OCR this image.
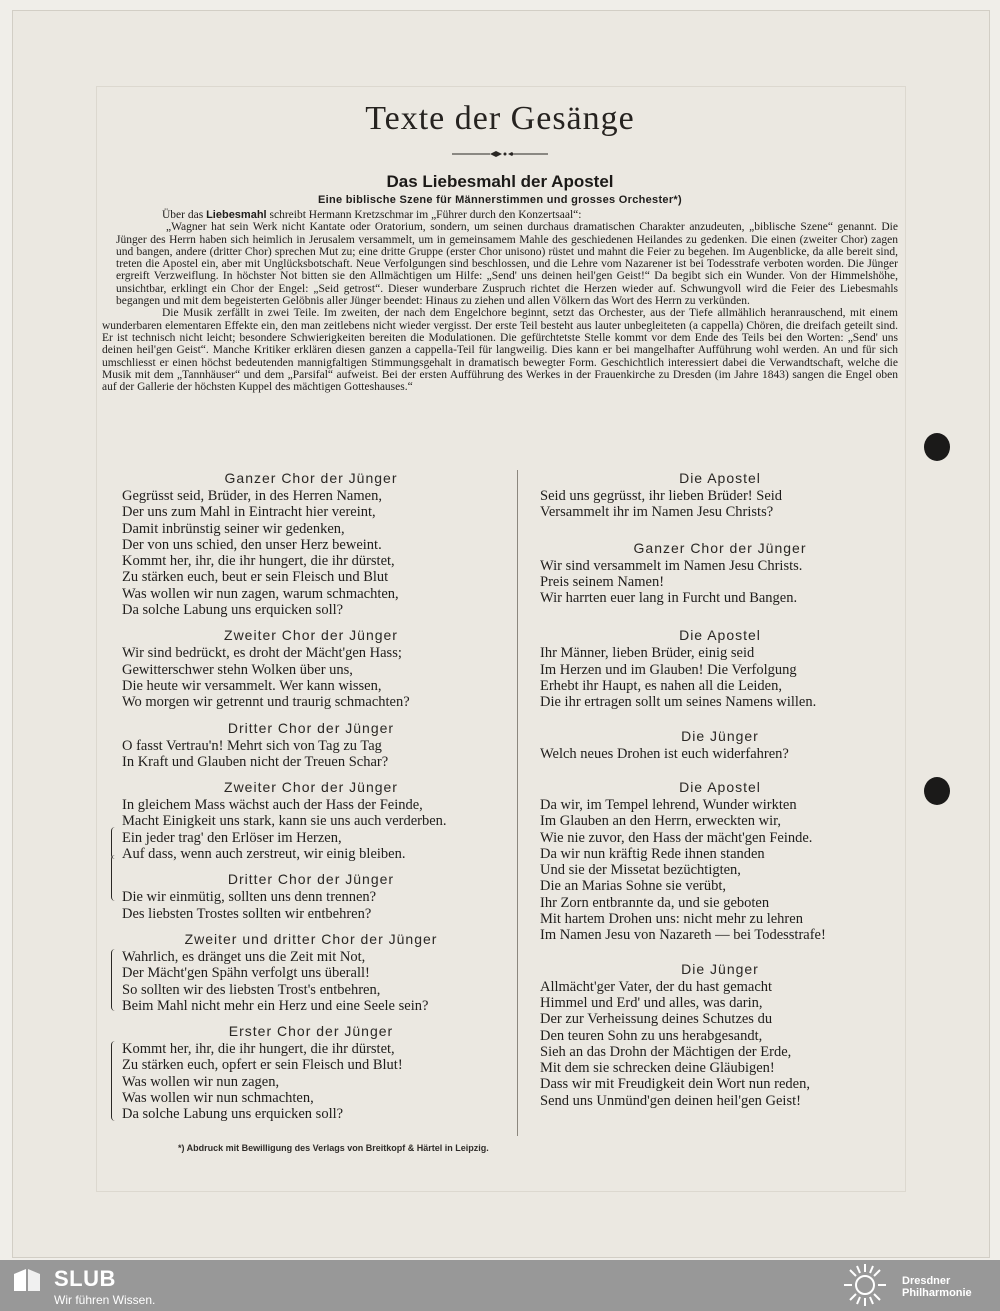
Texte der Gesänge
Das Liebesmahl der Apostel
Eine biblische Szene für Männerstimmen und grosses Orchester*)

Über das Liebesmahl schreibt Hermann Kretzschmar im „Führer durch den Konzertsaal“:

„Wagner hat sein Werk nicht Kantate oder Oratorium, sondern, um seinen durchaus dramatischen Charakter anzudeuten, „biblische Szene“ genannt. Die Jünger des Herrn haben sich heimlich in Jerusalem versammelt, um in gemeinsamem Mahle des geschiedenen Heilandes zu gedenken. Die einen (zweiter Chor) zagen und bangen, andere (dritter Chor) sprechen Mut zu; eine dritte Gruppe (erster Chor unisono) rüstet und mahnt die Feier zu begehen. Im Augenblicke, da alle bereit sind, treten die Apostel ein, aber mit Unglücksbotschaft. Neue Verfolgungen sind beschlossen, und die Lehre vom Nazarener ist bei Todesstrafe verboten worden. Die Jünger ergreift Verzweiflung. In höchster Not bitten sie den Allmächtigen um Hilfe: „Send' uns deinen heil'gen Geist!“ Da begibt sich ein Wunder. Von der Himmelshöhe, unsichtbar, erklingt ein Chor der Engel: „Seid getrost“. Dieser wunderbare Zuspruch richtet die Herzen wieder auf. Schwungvoll wird die Feier des Liebesmahls begangen und mit dem begeisterten Gelöbnis aller Jünger beendet: Hinaus zu ziehen und allen Völkern das Wort des Herrn zu verkünden.

Die Musik zerfällt in zwei Teile. Im zweiten, der nach dem Engelchore beginnt, setzt das Orchester, aus der Tiefe allmählich heranrauschend, mit einem wunderbaren elementaren Effekte ein, den man zeitlebens nicht wieder vergisst. Der erste Teil besteht aus lauter unbegleiteten (a cappella) Chören, die dreifach geteilt sind. Er ist technisch nicht leicht; besondere Schwierigkeiten bereiten die Modulationen. Die gefürchtetste Stelle kommt vor dem Ende des Teils bei den Worten: „Send' uns deinen heil'gen Geist“. Manche Kritiker erklären diesen ganzen a cappella-Teil für langweilig. Dies kann er bei mangelhafter Aufführung wohl werden. An und für sich umschliesst er einen höchst bedeutenden mannigfaltigen Stimmungsgehalt in dramatisch bewegter Form. Geschichtlich interessiert dabei die Verwandtschaft, welche die Musik mit dem „Tannhäuser“ und dem „Parsifal“ aufweist. Bei der ersten Aufführung des Werkes in der Frauenkirche zu Dresden (im Jahre 1843) sangen die Engel oben auf der Gallerie der höchsten Kuppel des mächtigen Gotteshauses.“

Ganzer Chor der Jünger
Gegrüsst seid, Brüder, in des Herren Namen,
Der uns zum Mahl in Eintracht hier vereint,
Damit inbrünstig seiner wir gedenken,
Der von uns schied, den unser Herz beweint.
Kommt her, ihr, die ihr hungert, die ihr dürstet,
Zu stärken euch, beut er sein Fleisch und Blut
Was wollen wir nun zagen, warum schmachten,
Da solche Labung uns erquicken soll?
Zweiter Chor der Jünger
Wir sind bedrückt, es droht der Mächt'gen Hass;
Gewitterschwer stehn Wolken über uns,
Die heute wir versammelt. Wer kann wissen,
Wo morgen wir getrennt und traurig schmachten?
Dritter Chor der Jünger
O fasst Vertrau'n! Mehrt sich von Tag zu Tag
In Kraft und Glauben nicht der Treuen Schar?
Zweiter Chor der Jünger
In gleichem Mass wächst auch der Hass der Feinde,
Macht Einigkeit uns stark, kann sie uns auch verderben.
Ein jeder trag' den Erlöser im Herzen,
Auf dass, wenn auch zerstreut, wir einig bleiben.
Dritter Chor der Jünger
Die wir einmütig, sollten uns denn trennen?
Des liebsten Trostes sollten wir entbehren?
Zweiter und dritter Chor der Jünger
Wahrlich, es dränget uns die Zeit mit Not,
Der Mächt'gen Spähn verfolgt uns überall!
So sollten wir des liebsten Trost's entbehren,
Beim Mahl nicht mehr ein Herz und eine Seele sein?
Erster Chor der Jünger
Kommt her, ihr, die ihr hungert, die ihr dürstet,
Zu stärken euch, opfert er sein Fleisch und Blut!
Was wollen wir nun zagen,
Was wollen wir nun schmachten,
Da solche Labung uns erquicken soll?
Die Apostel
Seid uns gegrüsst, ihr lieben Brüder! Seid
Versammelt ihr im Namen Jesu Christs?
Ganzer Chor der Jünger
Wir sind versammelt im Namen Jesu Christs.
Preis seinem Namen!
Wir harrten euer lang in Furcht und Bangen.
Die Apostel
Ihr Männer, lieben Brüder, einig seid
Im Herzen und im Glauben! Die Verfolgung
Erhebt ihr Haupt, es nahen all die Leiden,
Die ihr ertragen sollt um seines Namens willen.
Die Jünger
Welch neues Drohen ist euch widerfahren?
Die Apostel
Da wir, im Tempel lehrend, Wunder wirkten
Im Glauben an den Herrn, erweckten wir,
Wie nie zuvor, den Hass der mächt'gen Feinde.
Da wir nun kräftig Rede ihnen standen
Und sie der Missetat bezüchtigten,
Die an Marias Sohne sie verübt,
Ihr Zorn entbrannte da, und sie geboten
Mit hartem Drohen uns: nicht mehr zu lehren
Im Namen Jesu von Nazareth — bei Todesstrafe!
Die Jünger
Allmächt'ger Vater, der du hast gemacht
Himmel und Erd' und alles, was darin,
Der zur Verheissung deines Schutzes du
Den teuren Sohn zu uns herabgesandt,
Sieh an das Drohn der Mächtigen der Erde,
Mit dem sie schrecken deine Gläubigen!
Dass wir mit Freudigkeit dein Wort nun reden,
Send uns Unmünd'gen deinen heil'gen Geist!
*) Abdruck mit Bewilligung des Verlags von Breitkopf & Härtel in Leipzig.
SLUB
Wir führen Wissen.
Dresdner
Philharmonie
